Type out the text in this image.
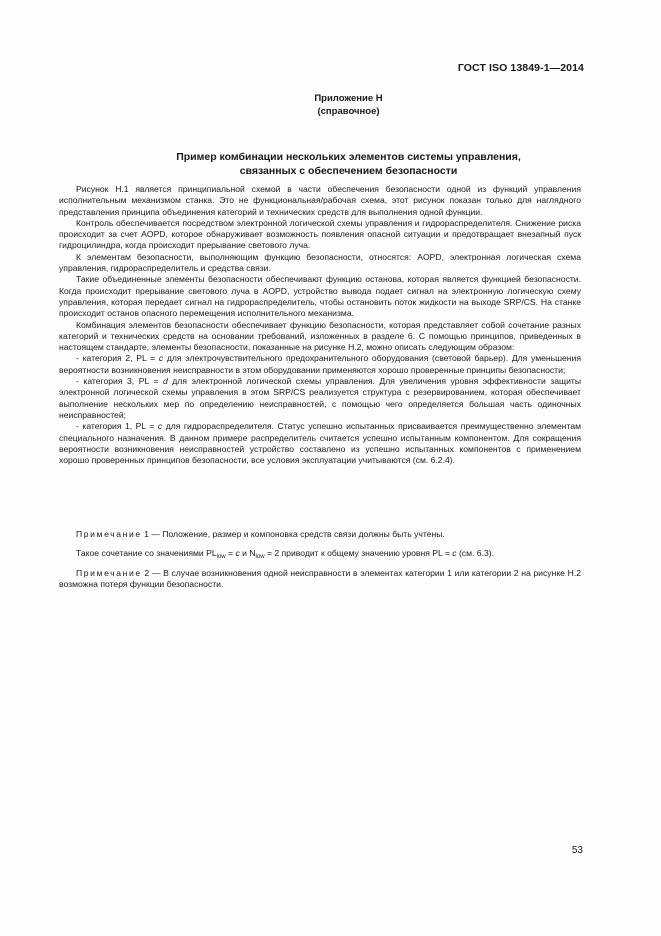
ГОСТ ISO 13849-1—2014
Приложение Н
(справочное)
Пример комбинации нескольких элементов системы управления,
связанных с обеспечением безопасности

Рисунок Н.1 является принципиальной схемой в части обеспечения безопасности одной из функций управления исполнительным механизмом станка. Это не функциональная/рабочая схема, этот рисунок показан только для наглядного представления принципа объединения категорий и технических средств для выполнения одной функции.

Контроль обеспечивается посредством электронной логической схемы управления и гидрораспределителя. Снижение риска происходит за счет AOPD, которое обнаруживает возможность появления опасной ситуации и предотвращает внезапный пуск гидроцилиндра, когда происходит прерывание светового луча.

К элементам безопасности, выполняющим функцию безопасности, относятся: AOPD, электронная логическая схема управления, гидрораспределитель и средства связи.

Такие объединенные элементы безопасности обеспечивают функцию останова, которая является функцией безопасности. Когда происходит прерывание светового луча в AOPD, устройство вывода подает сигнал на электронную логическую схему управления, которая передает сигнал на гидрораспределитель, чтобы остановить поток жидкости на выходе SRP/CS. На станке происходит останов опасного перемещения исполнительного механизма.

Комбинация элементов безопасности обеспечивает функцию безопасности, которая представляет собой сочетание разных категорий и технических средств на основании требований, изложенных в разделе 6. С помощью принципов, приведенных в настоящем стандарте, элементы безопасности, показанные на рисунке Н.2, можно описать следующим образом:

- категория 2, PL = c для электрочувствительного предохранительного оборудования (световой барьер). Для уменьшения вероятности возникновения неисправности в этом оборудовании применяются хорошо проверенные принципы безопасности;

- категория 3, PL = d для электронной логической схемы управления. Для увеличения уровня эффективности защиты электронной логической схемы управления в этом SRP/CS реализуется структура с резервированием, которая обеспечивает выполнение нескольких мер по определению неисправностей, с помощью чего определяется большая часть одиночных неисправностей;

- категория 1, PL = c для гидрораспределителя. Статус успешно испытанных присваивается преимущественно элементам специального назначения. В данном примере распределитель считается успешно испытанным компонентом. Для сокращения вероятности возникновения неисправностей устройство составлено из успешно испытанных компонентов с применением хорошо проверенных принципов безопасности, все условия эксплуатации учитываются (см. 6.2.4).

Примечание 1 — Положение, размер и компоновка средств связи должны быть учтены.

Такое сочетание со значениями $PL_{low} = c$ и $N_{low} = 2$ приводит к общему значению уровня PL = c (см. 6.3).

Примечание 2 — В случае возникновения одной неисправности в элементах категории 1 или категории 2 на рисунке Н.2 возможна потеря функции безопасности.

53
